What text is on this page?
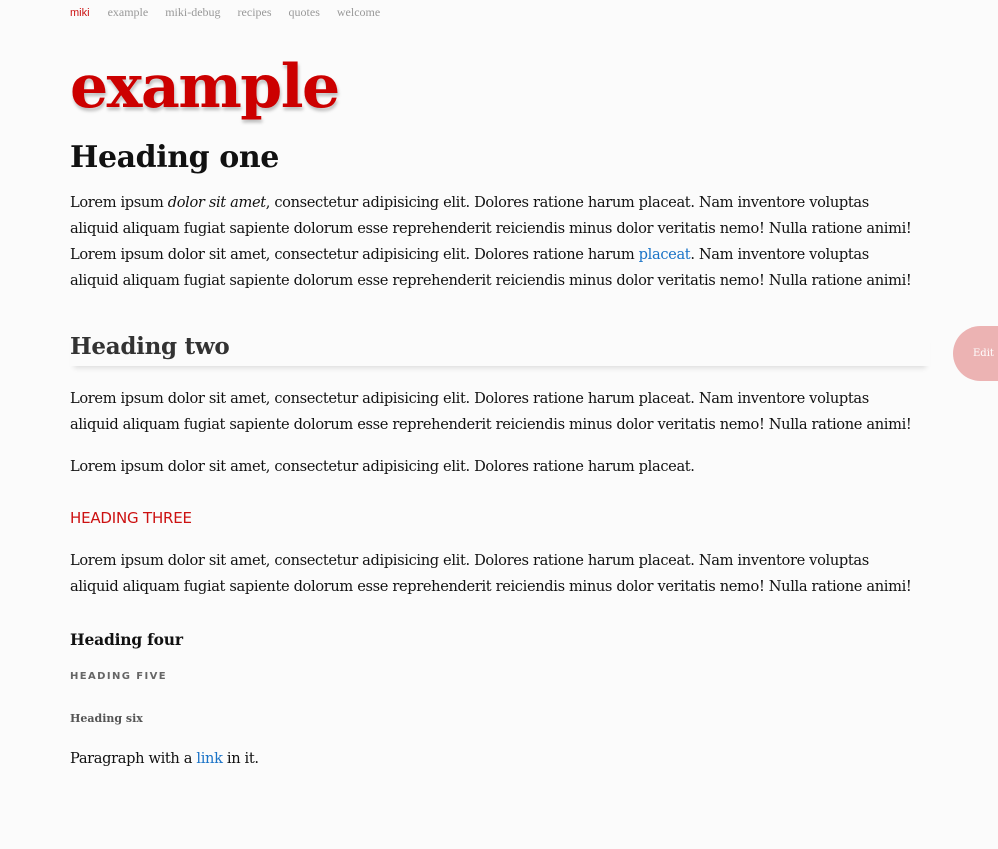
miki example miki-debug recipes quotes welcome
example
Heading one

Lorem ipsum dolor sit amet, consectetur adipisicing elit. Dolores ratione harum placeat. Nam inventore voluptas
aliquid aliquam fugiat sapiente dolorum esse reprehenderit reiciendis minus dolor veritatis nemo! Nulla ratione animi!
Lorem ipsum dolor sit amet, consectetur adipisicing elit. Dolores ratione harum placeat. Nam inventore voluptas
aliquid aliquam fugiat sapiente dolorum esse reprehenderit reiciendis minus dolor veritatis nemo! Nulla ratione animi!

Heading two

Lorem ipsum dolor sit amet, consectetur adipisicing elit. Dolores ratione harum placeat. Nam inventore voluptas
aliquid aliquam fugiat sapiente dolorum esse reprehenderit reiciendis minus dolor veritatis nemo! Nulla ratione animi!

Lorem ipsum dolor sit amet, consectetur adipisicing elit. Dolores ratione harum placeat.

HEADING THREE

Lorem ipsum dolor sit amet, consectetur adipisicing elit. Dolores ratione harum placeat. Nam inventore voluptas
aliquid aliquam fugiat sapiente dolorum esse reprehenderit reiciendis minus dolor veritatis nemo! Nulla ratione animi!

Heading four
HEADING FIVE
Heading six

Paragraph with a link in it.

Edit
